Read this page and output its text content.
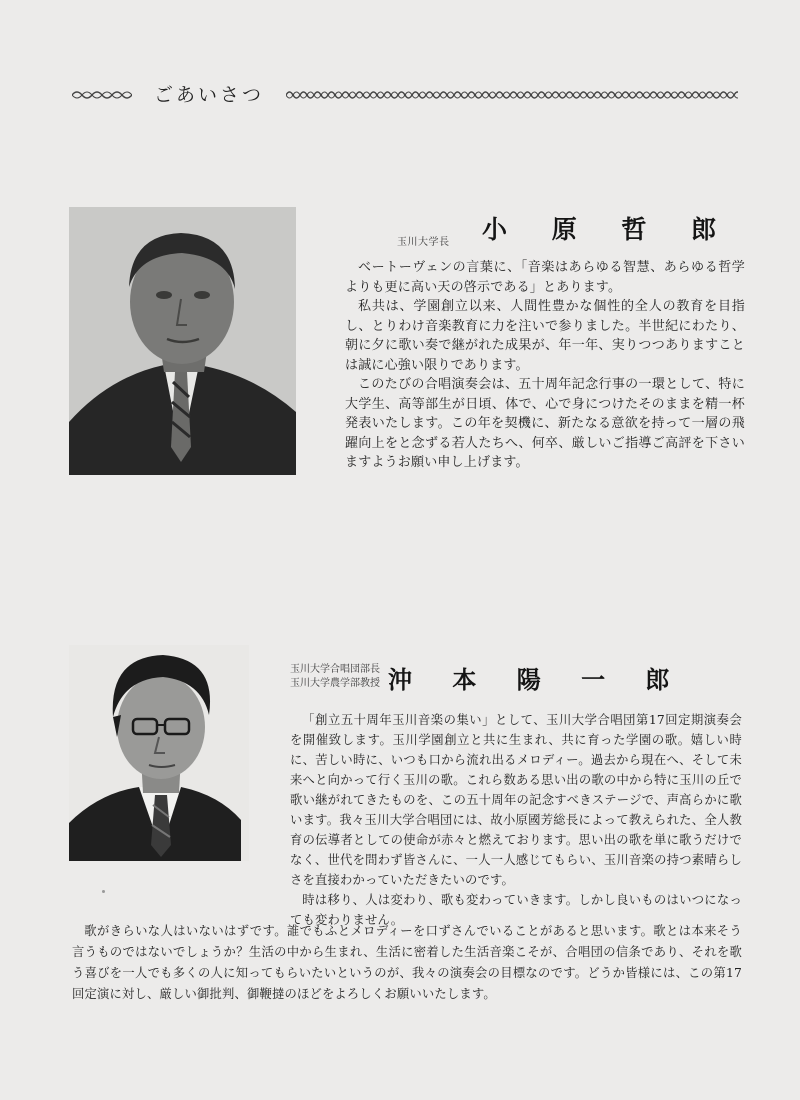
ごあいさつ
玉川大学長 小 原 哲 郎

ベートーヴェンの言葉に、「音楽はあらゆる智慧、あらゆる哲学よりも更に高い天の啓示である」とあります。

私共は、学園創立以来、人間性豊かな個性的全人の教育を目指し、とりわけ音楽教育に力を注いで参りました。半世紀にわたり、朝に夕に歌い奏で継がれた成果が、年一年、実りつつありますことは誠に心強い限りであります。

このたびの合唱演奏会は、五十周年記念行事の一環として、特に大学生、高等部生が日頃、体で、心で身につけたそのままを精一杯発表いたします。この年を契機に、新たなる意欲を持って一層の飛躍向上をと念ずる若人たちへ、何卒、厳しいご指導ご高評を下さいますようお願い申し上げます。

玉川大学合唱団部長
玉川大学農学部教授 沖 本 陽 一 郎

「創立五十周年玉川音楽の集い」として、玉川大学合唱団第17回定期演奏会を開催致します。玉川学園創立と共に生まれ、共に育った学園の歌。嬉しい時に、苦しい時に、いつも口から流れ出るメロディー。過去から現在へ、そして未来へと向かって行く玉川の歌。これら数ある思い出の歌の中から特に玉川の丘で歌い継がれてきたものを、この五十周年の記念すべきステージで、声高らかに歌います。我々玉川大学合唱団には、故小原國芳総長によって教えられた、全人教育の伝導者としての使命が赤々と燃えております。思い出の歌を単に歌うだけでなく、世代を問わず皆さんに、一人一人感じてもらい、玉川音楽の持つ素晴らしさを直接わかっていただきたいのです。

時は移り、人は変わり、歌も変わっていきます。しかし良いものはいつになっても変わりません。

歌がきらいな人はいないはずです。誰でもふとメロディーを口ずさんでいることがあると思います。歌とは本来そう言うものではないでしょうか？生活の中から生まれ、生活に密着した生活音楽こそが、合唱団の信条であり、それを歌う喜びを一人でも多くの人に知ってもらいたいというのが、我々の演奏会の目標なのです。どうか皆様には、この第17回定演に対し、厳しい御批判、御鞭撻のほどをよろしくお願いいたします。
